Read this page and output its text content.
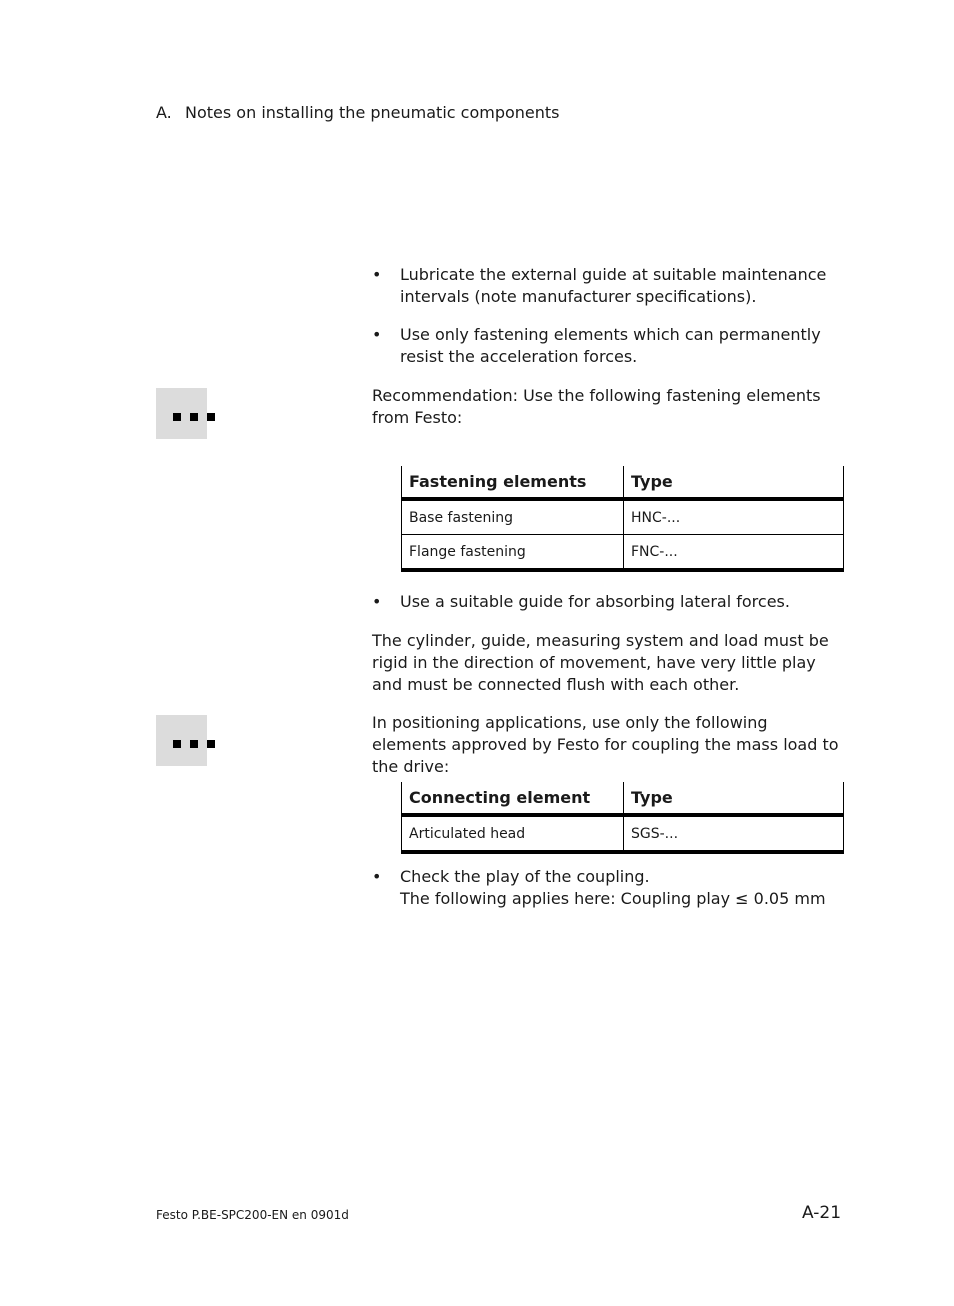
A. Notes on installing the pneumatic components
• Lubricate the external guide at suitable maintenance intervals (note manufacturer specifications).
• Use only fastening elements which can permanently resist the acceleration forces.
Recommendation: Use the following fastening elements from Festo:
Fastening elements	Type
Base fastening	HNC-...
Flange fastening	FNC-...
• Use a suitable guide for absorbing lateral forces.
The cylinder, guide, measuring system and load must be rigid in the direction of movement, have very little play and must be connected flush with each other.
In positioning applications, use only the following elements approved by Festo for coupling the mass load to the drive:
Connecting element	Type
Articulated head	SGS-...
• Check the play of the coupling.
The following applies here: Coupling play ≤ 0.05 mm
Festo P.BE-SPC200-EN en 0901d	A-21
